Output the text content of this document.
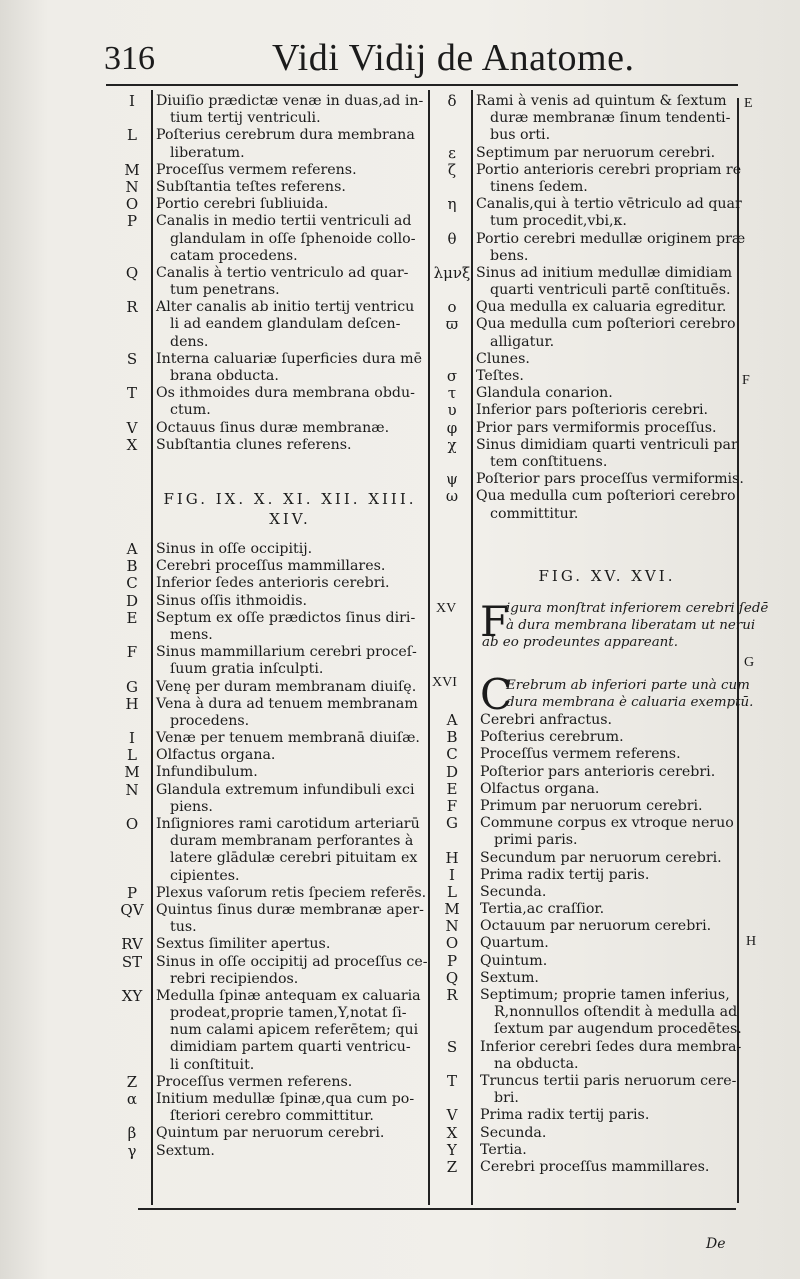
316	Vidi Vidij de Anatome.
I	Diuiſio prædictæ venæ in duas,ad in-
tium tertij ventriculi.
L	Poſterius cerebrum dura membrana
liberatum.
M	Proceſſus vermem referens.
N	Subſtantia teſtes referens.
O	Portio cerebri ſubliuida.
P	Canalis in medio tertii ventriculi ad
glandulam in oſſe ſphenoide collo-
catam procedens.
Q	Canalis à tertio ventriculo ad quar-
tum penetrans.
R	Alter canalis ab initio tertij ventricu
li ad eandem glandulam deſcen-
dens.
S	Interna caluariæ ſuperficies dura mē
brana obducta.
T	Os ithmoides dura membrana obdu-
ctum.
V	Octauus ſinus duræ membranæ.
X	Subſtantia clunes referens.
FIG. IX. X. XI. XII. XIII.
XIV.
A	Sinus in oſſe occipitij.
B	Cerebri proceſſus mammillares.
C	Inferior ſedes anterioris cerebri.
D	Sinus oſſis ithmoidis.
E	Septum ex oſſe prædictos ſinus diri-
mens.
F	Sinus mammillarium cerebri proceſ-
ſuum gratia inſculpti.
G	Venę per duram membranam diuiſę.
H	Vena à dura ad tenuem membranam
procedens.
I	Venæ per tenuem membranā diuiſæ.
L	Olfactus organa.
M	Infundibulum.
N	Glandula extremum infundibuli exci
piens.
O	Inſigniores rami carotidum arteriarū
duram membranam perforantes à
latere glādulæ cerebri pituitam ex
cipientes.
P	Plexus vaſorum retis ſpeciem referēs.
QV Quintus ſinus duræ membranæ aper-
tus.
RV Sextus ſimiliter apertus.
ST Sinus in oſſe occipitij ad proceſſus ce-
rebri recipiendos.
XY Medulla ſpinæ antequam ex caluaria
prodeat,proprie tamen,Y,notat ſi-
num calami apicem referētem; qui
dimidiam partem quarti ventricu-
li conſtituit.
Z	Proceſſus vermen referens.
α	Initium medullæ ſpinæ,qua cum po-
ſteriori cerebro committitur.
β	Quintum par neruorum cerebri.
γ	Sextum.
δ	Rami à venis ad quintum & ſextum
duræ membranæ ſinum tendenti-
bus orti.
ε	Septimum par neruorum cerebri.
ζ	Portio anterioris cerebri propriam re
tinens ſedem.
η	Canalis,qui à tertio vētriculo ad quar
tum procedit,vbi,κ.
θ	Portio cerebri medullæ originem præ
bens.
λμνξ Sinus ad initium medullæ dimidiam
quarti ventriculi partē conſtituēs.
ο	Qua medulla ex caluaria egreditur.
ϖ	Qua medulla cum poſteriori cerebro
alligatur.
Clunes.
σ	Teſtes.
τ	Glandula conarion.
υ	Inferior pars poſterioris cerebri.
φ	Prior pars vermiformis proceſſus.
χ	Sinus dimidiam quarti ventriculi par
tem conſtituens.
ψ	Poſterior pars proceſſus vermiformis.
ω	Qua medulla cum poſteriori cerebro
committitur.
FIG. XV. XVI.
XV F
igura monſtrat inferiorem cerebri ſedē
à dura membrana liberatam ut nerui
ab eo prodeuntes appareant.
XVI C
Erebrum ab inferiori parte unà cum
dura membrana è caluaria exemptū.
A	Cerebri anfractus.
B	Poſterius cerebrum.
C	Proceſſus vermem referens.
D	Poſterior pars anterioris cerebri.
E	Olfactus organa.
F	Primum par neruorum cerebri.
G	Commune corpus ex vtroque neruo
primi paris.
H	Secundum par neruorum cerebri.
I	Prima radix tertij paris.
L	Secunda.
M	Tertia,ac craſſior.
N	Octauum par neruorum cerebri.
O	Quartum.
P	Quintum.
Q	Sextum.
R	Septimum; proprie tamen inferius,
R,nonnullos oſtendit à medulla ad
ſextum par augendum procedētes.
S	Inferior cerebri ſedes dura membra-
na obducta.
T	Truncus tertii paris neruorum cere-
bri.
V	Prima radix tertij paris.
X	Secunda.
Y	Tertia.
Z	Cerebri proceſſus mammillares.
E
F
G
H
De
